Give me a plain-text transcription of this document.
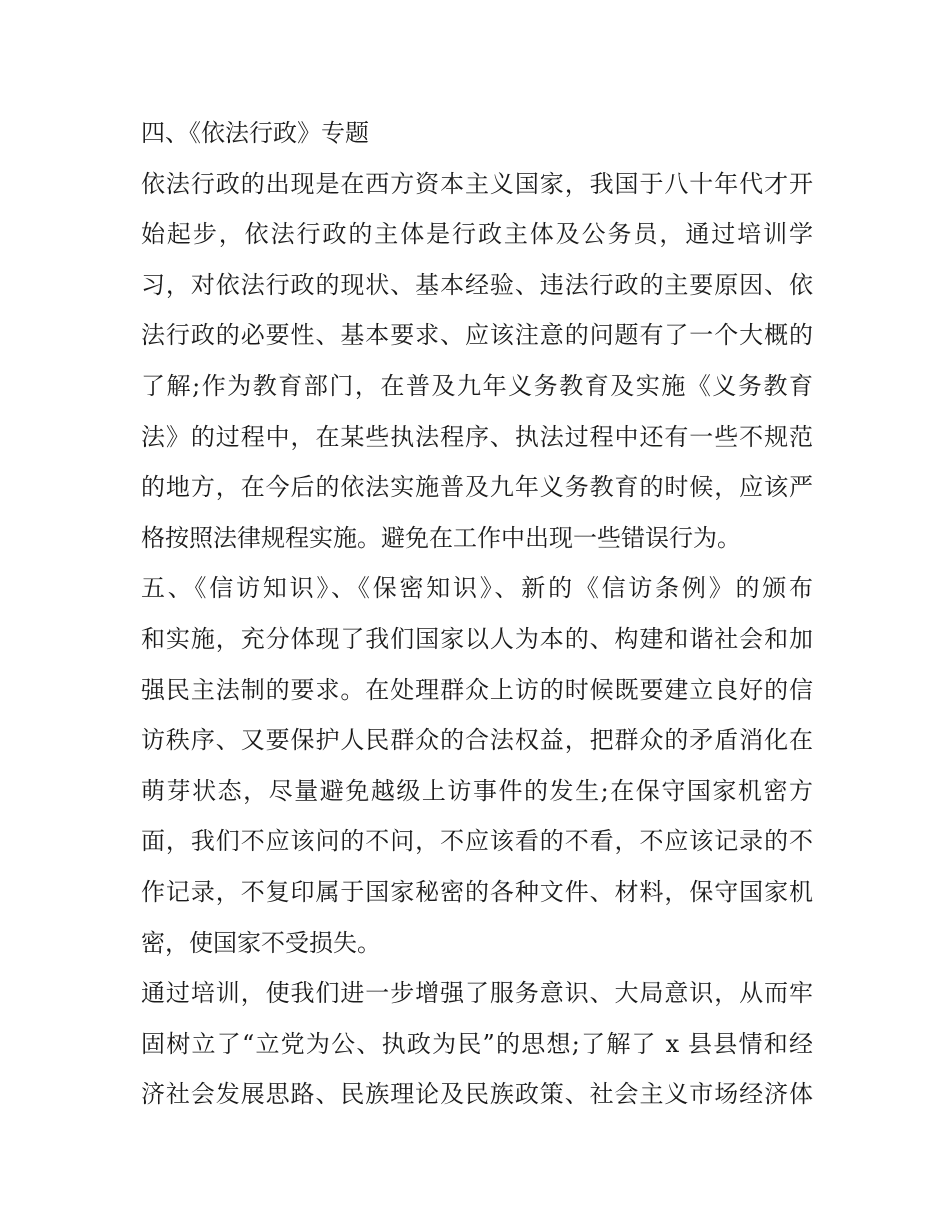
四、《依法行政》专题
依法行政的出现是在西方资本主义国家，我国于八十年代才开
始起步，依法行政的主体是行政主体及公务员，通过培训学
习，对依法行政的现状、基本经验、违法行政的主要原因、依
法行政的必要性、基本要求、应该注意的问题有了一个大概的
了解;作为教育部门，在普及九年义务教育及实施《义务教育
法》的过程中，在某些执法程序、执法过程中还有一些不规范
的地方，在今后的依法实施普及九年义务教育的时候，应该严
格按照法律规程实施。避免在工作中出现一些错误行为。
五、《信访知识》、《保密知识》、新的《信访条例》的颁布
和实施，充分体现了我们国家以人为本的、构建和谐社会和加
强民主法制的要求。在处理群众上访的时候既要建立良好的信
访秩序、又要保护人民群众的合法权益，把群众的矛盾消化在
萌芽状态，尽量避免越级上访事件的发生;在保守国家机密方
面，我们不应该问的不问，不应该看的不看，不应该记录的不
作记录，不复印属于国家秘密的各种文件、材料，保守国家机
密，使国家不受损失。
通过培训，使我们进一步增强了服务意识、大局意识，从而牢
固树立了“立党为公、执政为民”的思想;了解了 x 县县情和经
济社会发展思路、民族理论及民族政策、社会主义市场经济体
